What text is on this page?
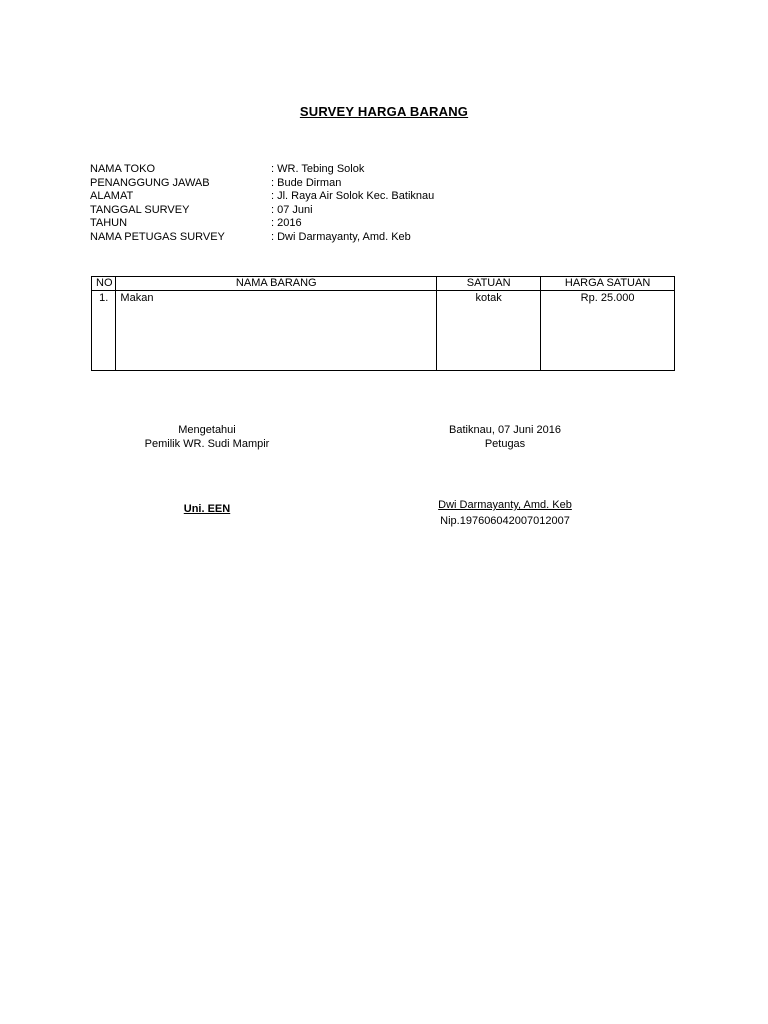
SURVEY HARGA BARANG
NAMA TOKO	: WR. Tebing Solok
PENANGGUNG JAWAB	: Bude Dirman
ALAMAT	: Jl. Raya Air Solok Kec. Batiknau
TANGGAL SURVEY	: 07 Juni
TAHUN	: 2016
NAMA PETUGAS SURVEY	: Dwi Darmayanty, Amd. Keb
NO	NAMA BARANG	SATUAN	HARGA SATUAN
1.	Makan	kotak	Rp. 25.000
Mengetahui
Pemilik WR. Sudi Mampir
Batiknau, 07 Juni 2016
Petugas
Uni. EEN	Dwi Darmayanty, Amd. Keb
Nip.197606042007012007
